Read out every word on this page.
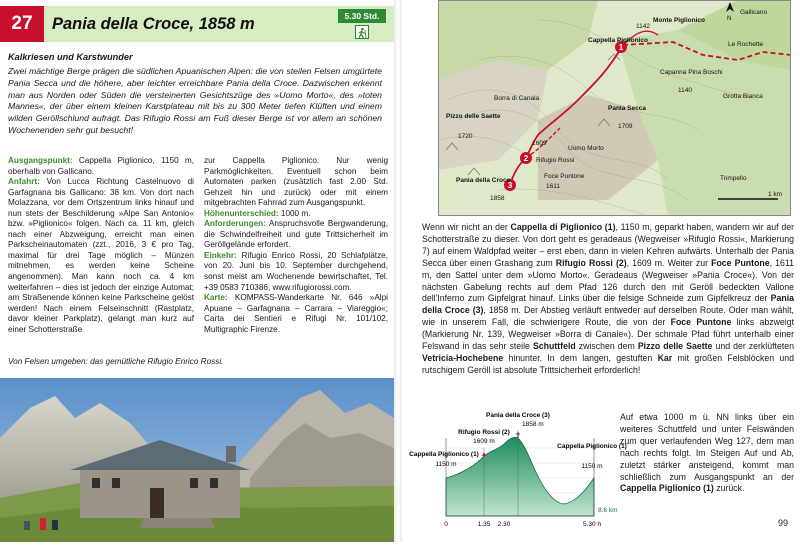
27	Pania della Croce, 1858 m	5.30 Std.
Kalkriesen und Karstwunder

Zwei mächtige Berge prägen die südlichen Apuanischen Alpen: die von steilen Felsen umgürtete Pania Secca und die höhere, aber leichter erreichbare Pania della Croce. Dazwischen erkennt man aus Norden oder Süden die versteinerten Gesichtszüge des »Uomo Morto«, des »toten Mannes«, der über einem kleinen Karstplateau mit bis zu 300 Meter tiefen Klüften und einem wilden Geröllschlund aufragt. Das Rifugio Rossi am Fuß dieser Berge ist vor allem an schönen Wochenenden sehr gut besucht!

Ausgangspunkt: Cappella Piglionico, 1150 m, oberhalb von Gallicano.

Anfahrt: Von Lucca Richtung Castelnuovo di Garfagnana bis Gallicano: 38 km. Von dort nach Molazzana, vor dem Ortszentrum links hinauf und nun stets der Beschilderung »Alpe San Antonio« bzw. »Piglionico« folgen. Nach ca. 11 km, gleich nach einer Abzweigung, erreicht man einen Parkscheinautomaten (zzt., 2016, 3 € pro Tag, maximal für drei Tage möglich – Münzen mitnehmen, es werden keine Scheine angenommen). Man kann noch ca. 4 km weiterfahren – dies ist jedoch der einzige Automat; am Straßenende können keine Parkscheine gelöst werden! Nach einem Felseinschnitt (Rastplatz, davor kleiner Parkplatz), gelangt man kurz auf einer Schotterstraße

zur Cappella Piglionico. Nur wenig Parkmöglichkeiten. Eventuell schon beim Automaten parken (zusätzlich fast 2.00 Std. Gehzeit hin und zurück) oder mit einem mitgebrachten Fahrrad zum Ausgangspunkt.

Höhenunterschied: 1000 m.

Anforderungen: Anspruchsvolle Bergwanderung, die Schwindelfreiheit und gute Trittsicherheit im Geröllgelände erfordert.

Einkehr: Rifugio Enrico Rossi, 20 Schlafplätze, von 20. Juni bis 10. September durchgehend, sonst meist am Wochenende bewirtschaftet, Tel. +39 0583 710386, www.rifugiorossi.com.

Karte: KOMPASS-Wanderkarte Nr. 646 »Alpi Apuane – Garfagnana – Carrara – Viareggio«; Carta dei Sentieri e Rifugi Nr. 101/102, Multigraphic Firenze.

Von Felsen umgeben: das gemütliche Rifugio Enrico Rossi.
1
2
3
Cappella Piglionico
1142
Monte Piglionico
Gallicano
Le Rochette
Capanna Pina Boschi
1140
Grotta Bianca
Pania Secca
1709
Uomo Morto
Pizzo delle Saette
1720
Borra di Canala
1609
Rifugio Rossi
Foce Puntone
1611
Pania della Croce
1858
Trimpello
1 km
N

Wenn wir nicht an der Cappella di Piglionico (1), 1150 m, geparkt haben, wandern wir auf der Schotterstraße zu dieser. Von dort geht es geradeaus (Wegweiser »Rifugio Rossi«, Markierung 7) auf einem Waldpfad weiter – erst eben, dann in vielen Kehren aufwärts. Unterhalb der Pania Secca über einen Grashang zum Rifugio Rossi (2), 1609 m. Weiter zur Foce Puntone, 1611 m, den Sattel unter dem »Uomo Morto«. Geradeaus (Wegweiser »Pania Croce«). Von der nächsten Gabelung rechts auf dem Pfad 126 durch den mit Geröll bedeckten Vallone dell'Inferno zum Gipfelgrat hinauf. Links über die felsige Schneide zum Gipfelkreuz der Pania della Croce (3), 1858 m. Der Abstieg verläuft entweder auf derselben Route. Oder man wählt, wie in unserem Fall, die schwierigere Route, die von der Foce Puntone links abzweigt (Markierung Nr. 139, Wegweiser »Borra di Canale«). Der schmale Pfad führt unterhalb einer Felswand in das sehr steile Schuttfeld zwischen dem Pizzo delle Saette und der zerklüfteten Vetricia-Hochebene hinunter. In dem langen, gestuften Kar mit großen Felsblöcken und rutschigem Geröll ist absolute Trittsicherheit erforderlich!

Pania della Croce (3)
1858 m
Rifugio Rossi (2)
1609 m
Cappella Piglionico (1)
1150 m
Cappella Piglionico (1)
1150 m
8.6 km
0	1.35 2.30	5.30 h

Auf etwa 1000 m ü. NN links über ein weiteres Schuttfeld und unter Felswänden zum quer verlaufenden Weg 127, dem man nach rechts folgt. Im Steigen Auf und Ab, zuletzt stärker ansteigend, kommt man schließlich zum Ausgangspunkt an der Cappella Piglionico (1) zurück.

99
